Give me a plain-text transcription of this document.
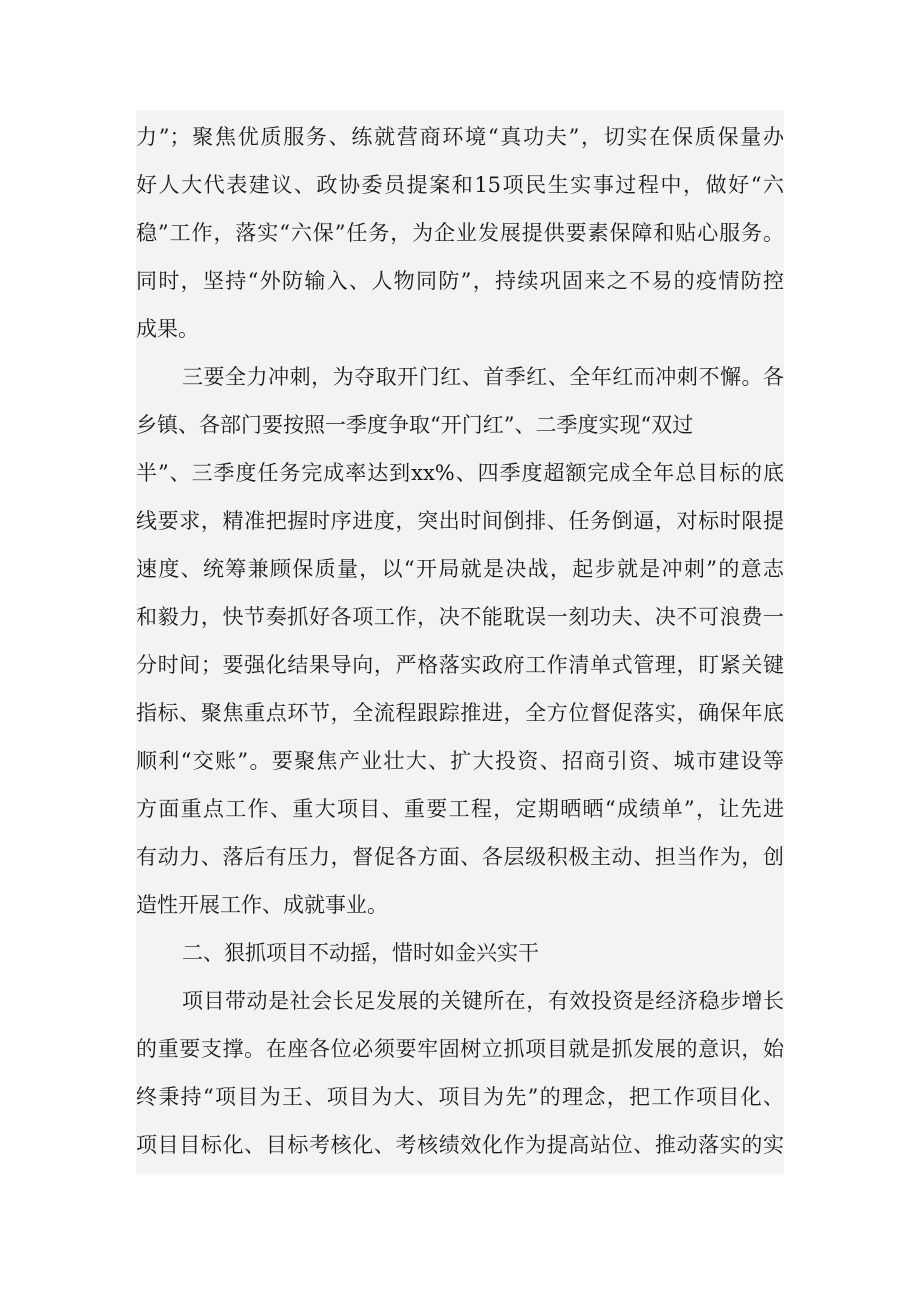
力”；聚焦优质服务、练就营商环境“真功夫”，切实在保质保量办
好人大代表建议、政协委员提案和15项民生实事过程中，做好“六
稳”工作，落实“六保”任务，为企业发展提供要素保障和贴心服务。
同时，坚持“外防输入、人物同防”，持续巩固来之不易的疫情防控
成果。
三要全力冲刺，为夺取开门红、首季红、全年红而冲刺不懈。各
乡镇、各部门要按照一季度争取“开门红”、二季度实现“双过
半”、三季度任务完成率达到xx%、四季度超额完成全年总目标的底
线要求，精准把握时序进度，突出时间倒排、任务倒逼，对标时限提
速度、统筹兼顾保质量，以“开局就是决战，起步就是冲刺”的意志
和毅力，快节奏抓好各项工作，决不能耽误一刻功夫、决不可浪费一
分时间；要强化结果导向，严格落实政府工作清单式管理，盯紧关键
指标、聚焦重点环节，全流程跟踪推进，全方位督促落实，确保年底
顺利“交账”。要聚焦产业壮大、扩大投资、招商引资、城市建设等
方面重点工作、重大项目、重要工程，定期晒晒“成绩单”，让先进
有动力、落后有压力，督促各方面、各层级积极主动、担当作为，创
造性开展工作、成就事业。
二、狠抓项目不动摇，惜时如金兴实干
项目带动是社会长足发展的关键所在，有效投资是经济稳步增长
的重要支撑。在座各位必须要牢固树立抓项目就是抓发展的意识，始
终秉持“项目为王、项目为大、项目为先”的理念，把工作项目化、
项目目标化、目标考核化、考核绩效化作为提高站位、推动落实的实
